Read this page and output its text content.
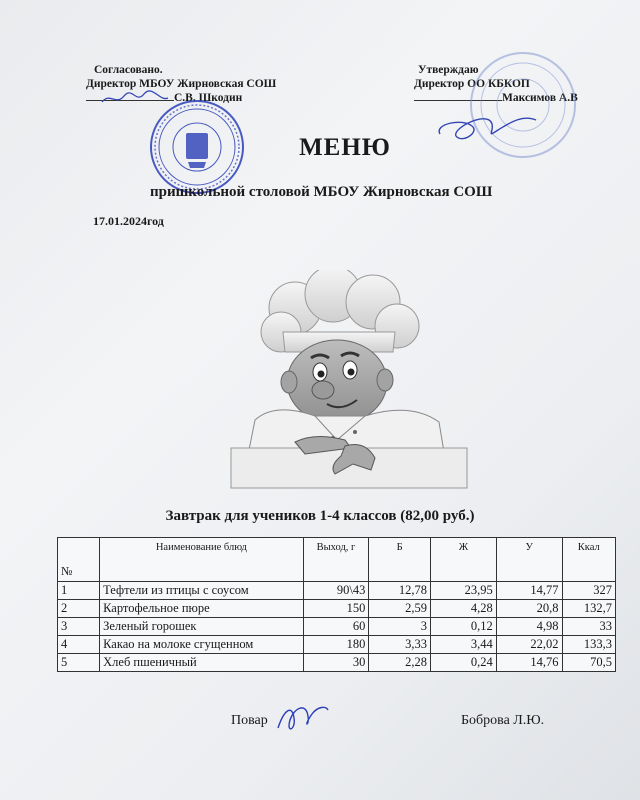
Согласовано.
Директор МБОУ Жирновская СОШ
С.В. Шкодин
Утверждаю
Директор ОО КБКОП
Максимов А.В
МЕНЮ
пришкольной столовой МБОУ Жирновская СОШ
17.01.2024год
Завтрак для учеников 1-4 классов (82,00 руб.)
№	Наименование блюд	Выход, г	Б	Ж	У	Ккал
1	Тефтели из птицы с соусом	90\43	12,78	23,95	14,77	327
2	Картофельное пюре	150	2,59	4,28	20,8	132,7
3	Зеленый горошек	60	3	0,12	4,98	33
4	Какао на молоке сгущенном	180	3,33	3,44	22,02	133,3
5	Хлеб пшеничный	30	2,28	0,24	14,76	70,5
Повар	Боброва Л.Ю.
